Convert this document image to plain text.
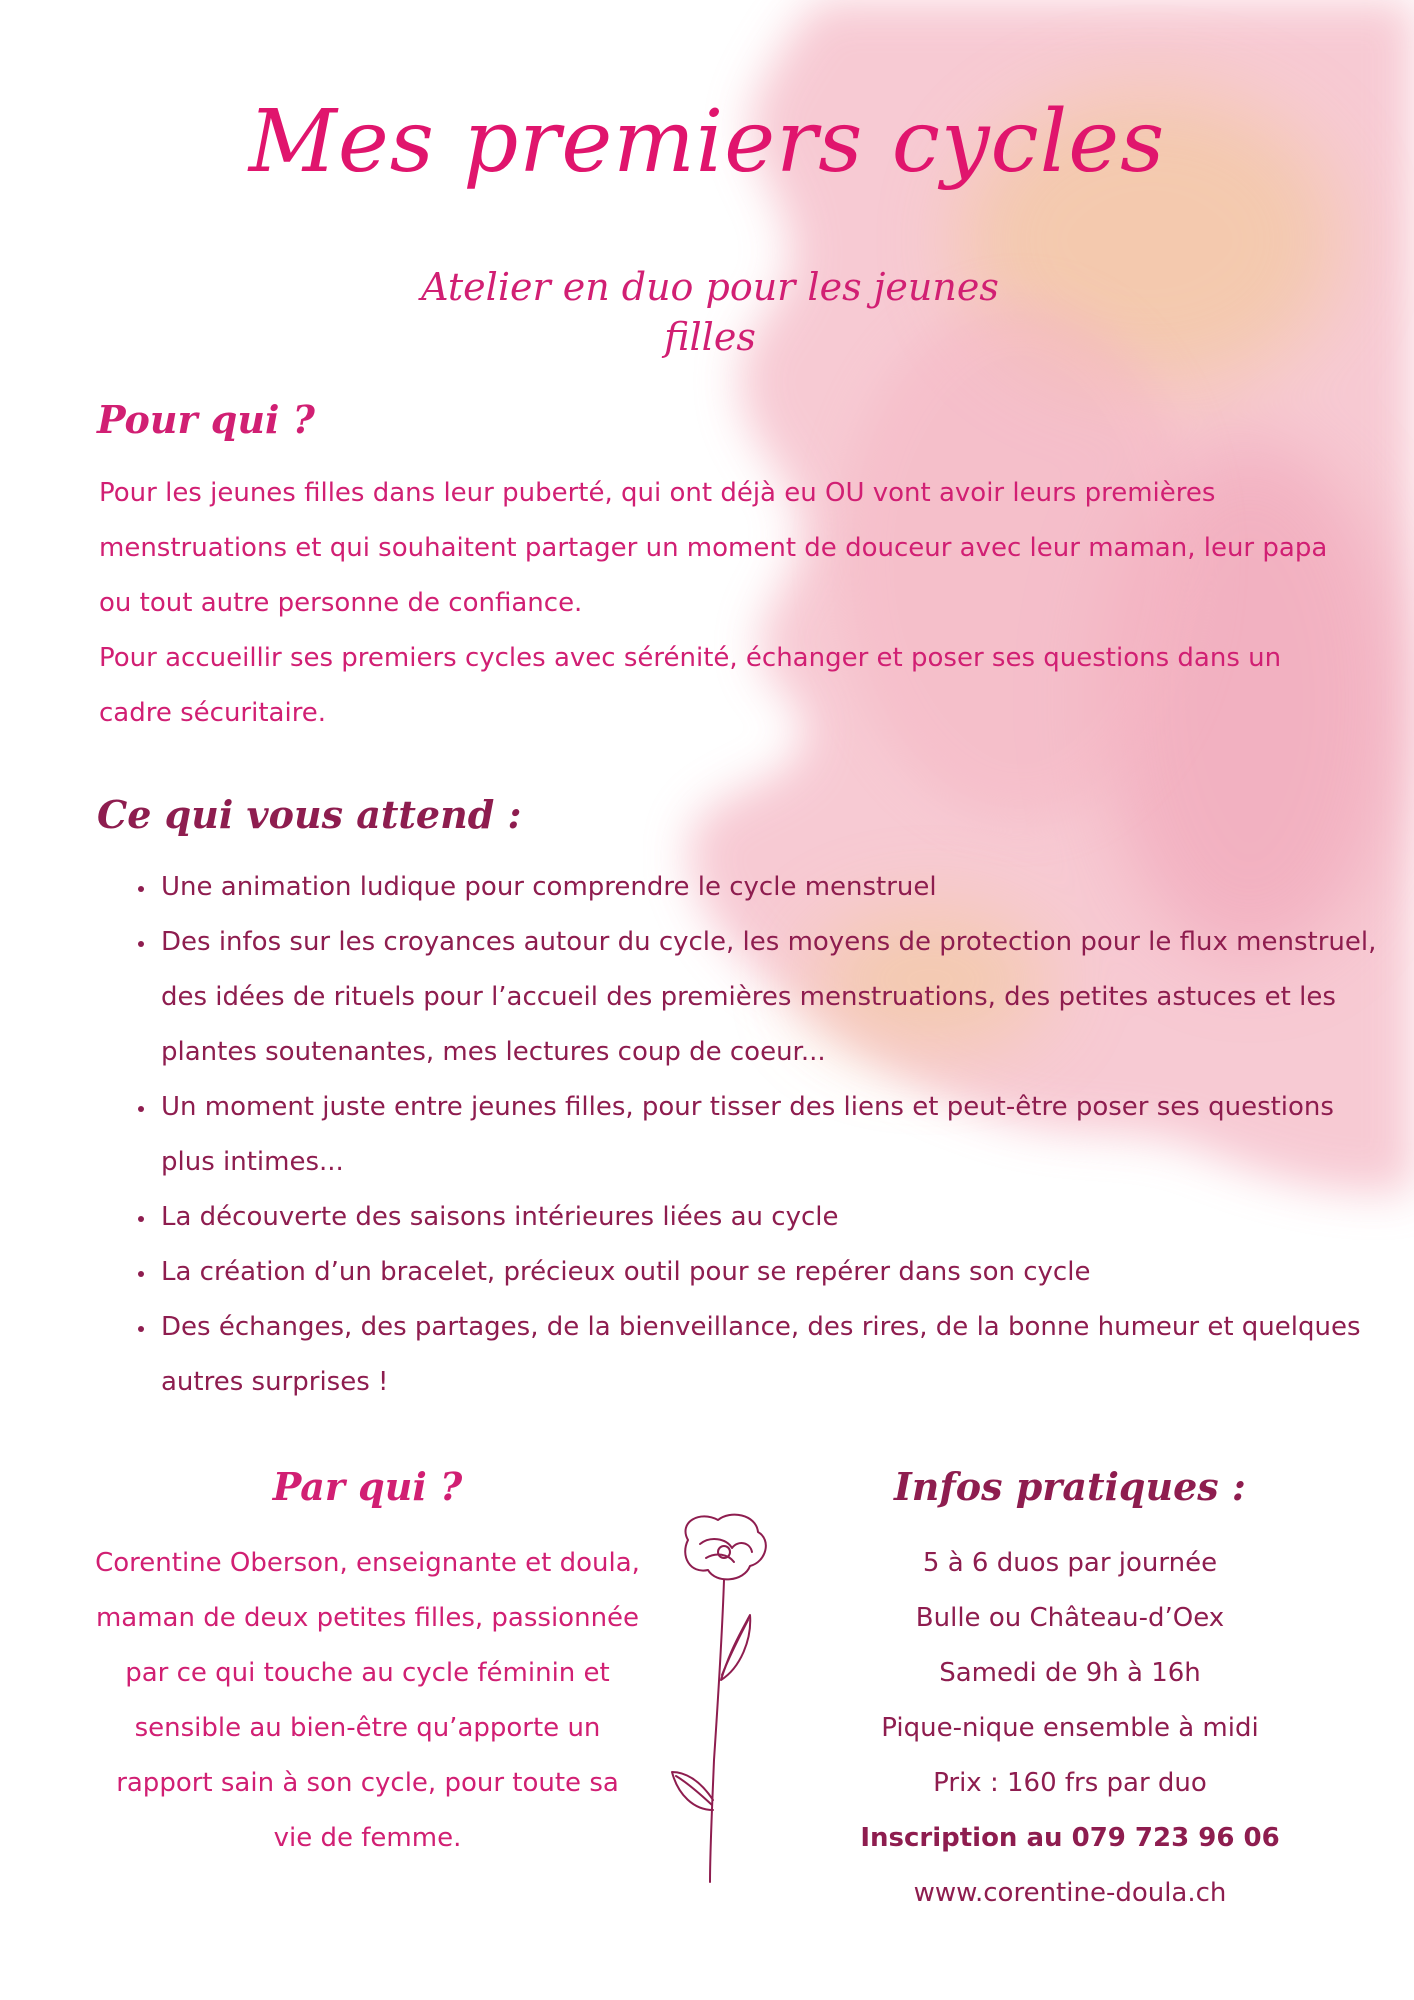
Mes premiers cycles
Atelier en duo pour les jeunes filles
Pour qui ?

Pour les jeunes filles dans leur puberté, qui ont déjà eu OU vont avoir leurs premières menstruations et qui souhaitent partager un moment de douceur avec leur maman, leur papa ou tout autre personne de confiance.

Pour accueillir ses premiers cycles avec sérénité, échanger et poser ses questions dans un cadre sécuritaire.

Ce qui vous attend :
• Une animation ludique pour comprendre le cycle menstruel
• Des infos sur les croyances autour du cycle, les moyens de protection pour le flux menstruel, des idées de rituels pour l’accueil des premières menstruations, des petites astuces et les plantes soutenantes, mes lectures coup de coeur...
• Un moment juste entre jeunes filles, pour tisser des liens et peut-être poser ses questions plus intimes...
• La découverte des saisons intérieures liées au cycle
• La création d’un bracelet, précieux outil pour se repérer dans son cycle
• Des échanges, des partages, de la bienveillance, des rires, de la bonne humeur et quelques autres surprises !
Par qui ?
Corentine Oberson, enseignante et doula, maman de deux petites filles, passionnée par ce qui touche au cycle féminin et sensible au bien-être qu’apporte un rapport sain à son cycle, pour toute sa vie de femme.
Infos pratiques :
5 à 6 duos par journée
Bulle ou Château-d’Oex
Samedi de 9h à 16h
Pique-nique ensemble à midi
Prix : 160 frs par duo
Inscription au 079 723 96 06
www.corentine-doula.ch
